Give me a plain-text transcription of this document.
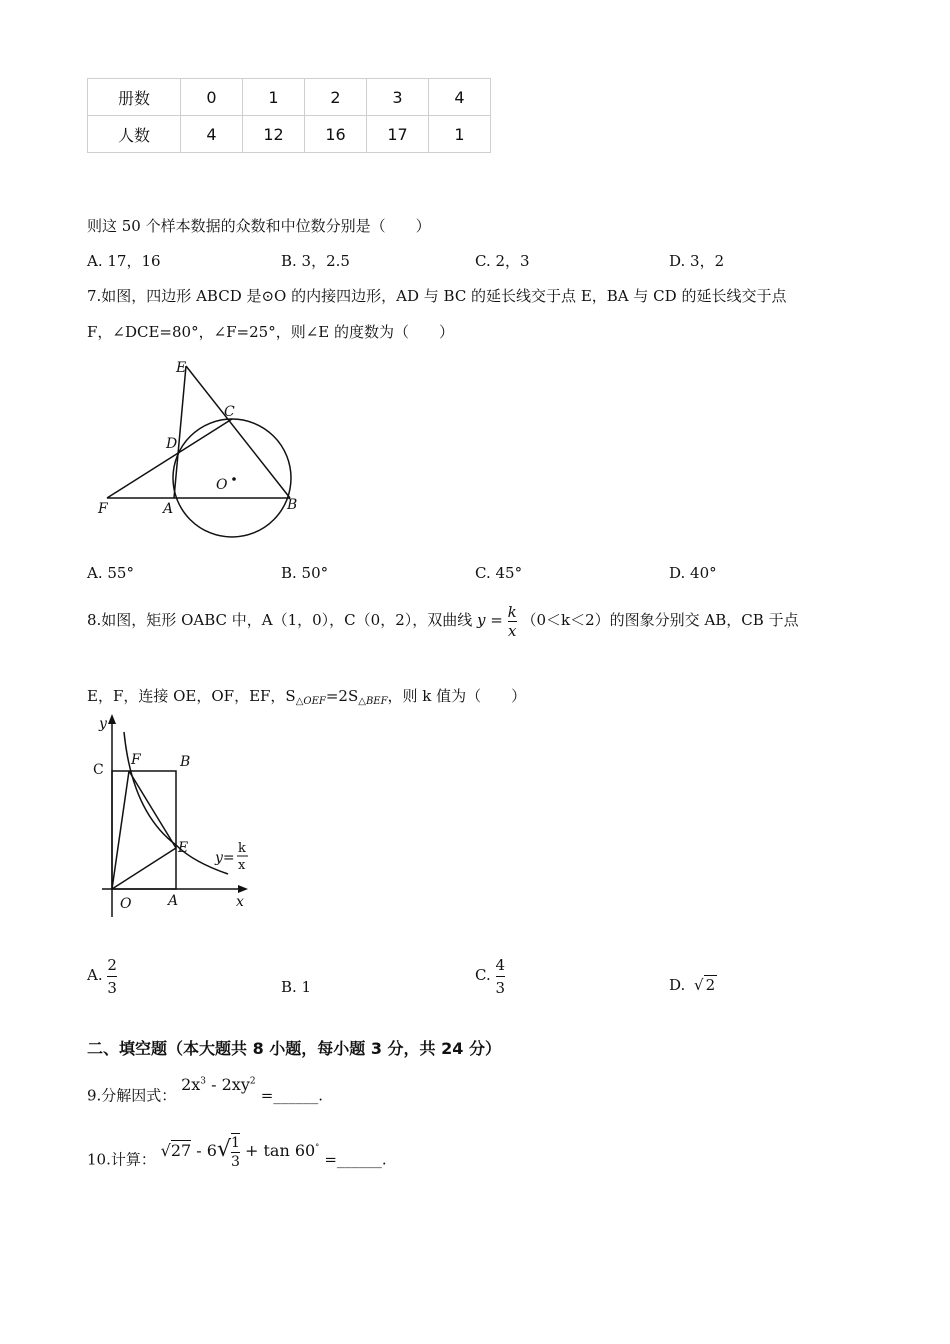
册数	0	1	2	3	4
人数	4	12	16	17	1
则这 50 个样本数据的众数和中位数分别是（　　）
A. 17，16	B. 3，2.5	C. 2，3	D. 3，2
7.如图，四边形 ABCD 是⊙O 的内接四边形，AD 与 BC 的延长线交于点 E，BA 与 CD 的延长线交于点
F，∠DCE=80°，∠F=25°，则∠E 的度数为（　　）
E
C
D
O
F	A	B
A. 55°	B. 50°	C. 45°	D. 40°
8.如图，矩形 OABC 中，A（1，0），C（0，2），双曲线 $y = \frac{k}{x} (0<k<2)$的图象分别交 AB，CB 于点
E，F，连接 OE，OF，EF，$S_{\triangle OEF}=2S_{\triangle BEF}$，则 k 值为（　　）
y
C
F	B
E
y=
k
x
O	A	x
A. $\frac{2}{3}$	B. 1
C. $\frac{4}{3}$	D. √ 2
二、填空题（本大题共 8 小题，每小题 3 分，共 24 分）
9.分解因式： $2x^3 - 2xy^2$ =______.
10.计算： $√27 - 6√ \frac{1}{3} + \tan 60^\circ$ =______.
